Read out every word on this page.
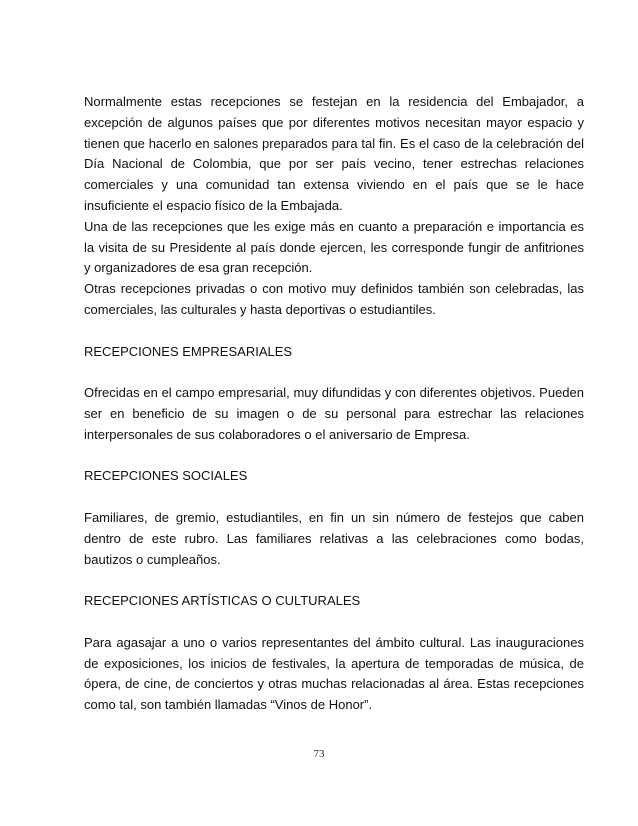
Normalmente estas recepciones se festejan en la residencia del Embajador, a excepción de algunos países que por diferentes motivos necesitan mayor espacio y tienen que hacerlo en salones preparados para tal fin. Es el caso de la celebración del Día Nacional de Colombia, que por ser país vecino, tener estrechas relaciones comerciales y una comunidad tan extensa viviendo en el país que se le hace insuficiente el espacio físico de la Embajada.

Una de las recepciones que les exige más en cuanto a preparación e importancia es la visita de su Presidente al país donde ejercen, les corresponde fungir de anfitriones y organizadores de esa gran recepción.

Otras recepciones privadas o con motivo muy definidos también son celebradas, las comerciales, las culturales y hasta deportivas o estudiantiles.

RECEPCIONES EMPRESARIALES

Ofrecidas en el campo empresarial, muy difundidas y con diferentes objetivos. Pueden ser en beneficio de su imagen o de su personal para estrechar las relaciones interpersonales de sus colaboradores o el aniversario de Empresa.

RECEPCIONES SOCIALES

Familiares, de gremio, estudiantiles, en fin un sin número de festejos que caben dentro de este rubro. Las familiares relativas a las celebraciones como bodas, bautizos o cumpleaños.

RECEPCIONES ARTÍSTICAS O CULTURALES

Para agasajar a uno o varios representantes del ámbito cultural. Las inauguraciones de exposiciones, los inicios de festivales, la apertura de temporadas de música, de ópera, de cine, de conciertos y otras muchas relacionadas al área. Estas recepciones como tal, son también llamadas “Vinos de Honor”.

73
